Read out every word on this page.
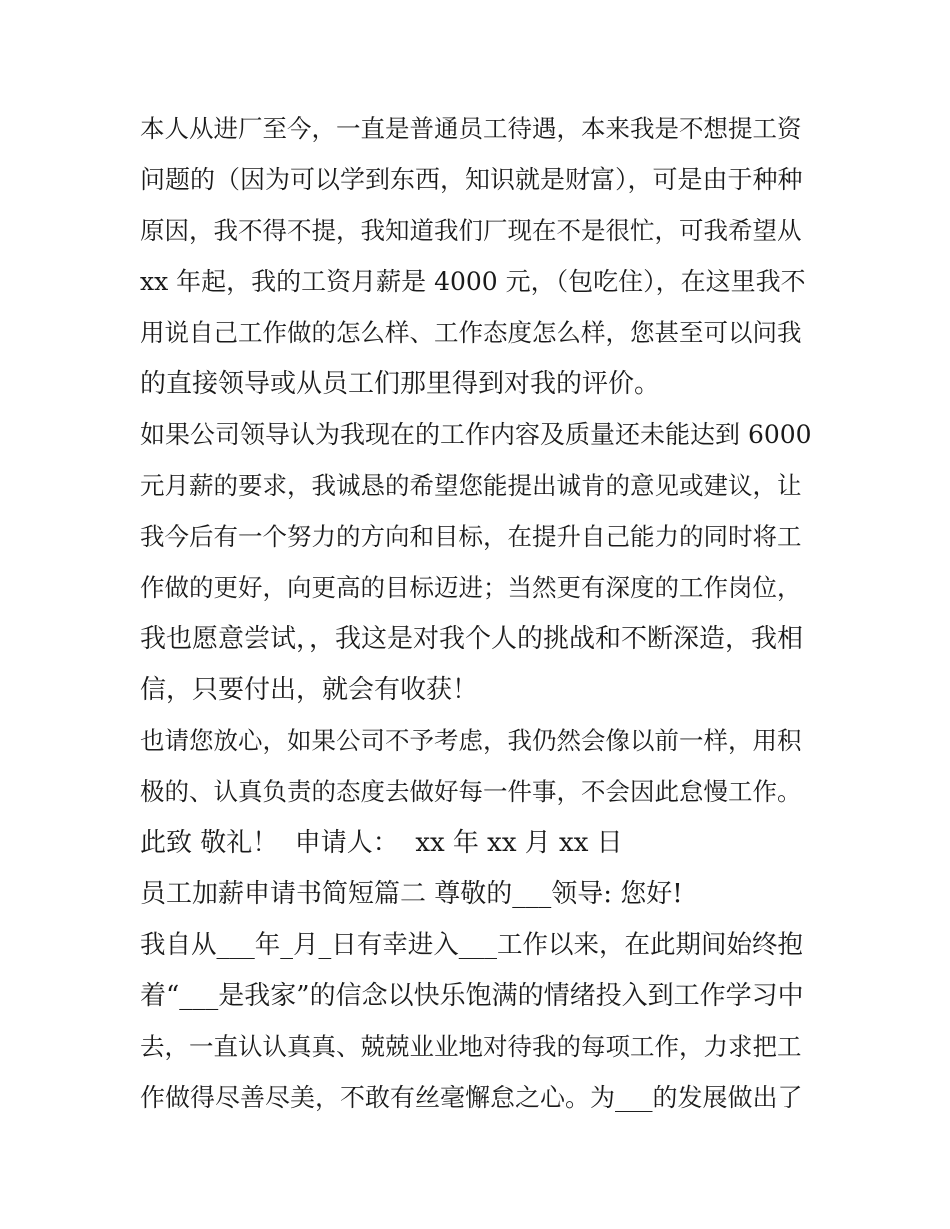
本人从进厂至今，一直是普通员工待遇，本来我是不想提工资
问题的（因为可以学到东西，知识就是财富），可是由于种种
原因，我不得不提，我知道我们厂现在不是很忙，可我希望从
xx 年起，我的工资月薪是 4000 元，（包吃住），在这里我不
用说自己工作做的怎么样、工作态度怎么样，您甚至可以问我
的直接领导或从员工们那里得到对我的评价。
如果公司领导认为我现在的工作内容及质量还未能达到 6000
元月薪的要求，我诚恳的希望您能提出诚肯的意见或建议，让
我今后有一个努力的方向和目标，在提升自己能力的同时将工
作做的更好，向更高的目标迈进；当然更有深度的工作岗位，
我也愿意尝试，，我这是对我个人的挑战和不断深造，我相
信，只要付出，就会有收获！
也请您放心，如果公司不予考虑，我仍然会像以前一样，用积
极的、认真负责的态度去做好每一件事，不会因此怠慢工作。
此致 敬礼！  申请人：  xx 年 xx 月 xx 日
员工加薪申请书简短篇二 尊敬的___领导: 您好!
我自从___年_月_日有幸进入___工作以来，在此期间始终抱
着“___是我家”的信念以快乐饱满的情绪投入到工作学习中
去，一直认认真真、兢兢业业地对待我的每项工作，力求把工
作做得尽善尽美，不敢有丝毫懈怠之心。为___的发展做出了
